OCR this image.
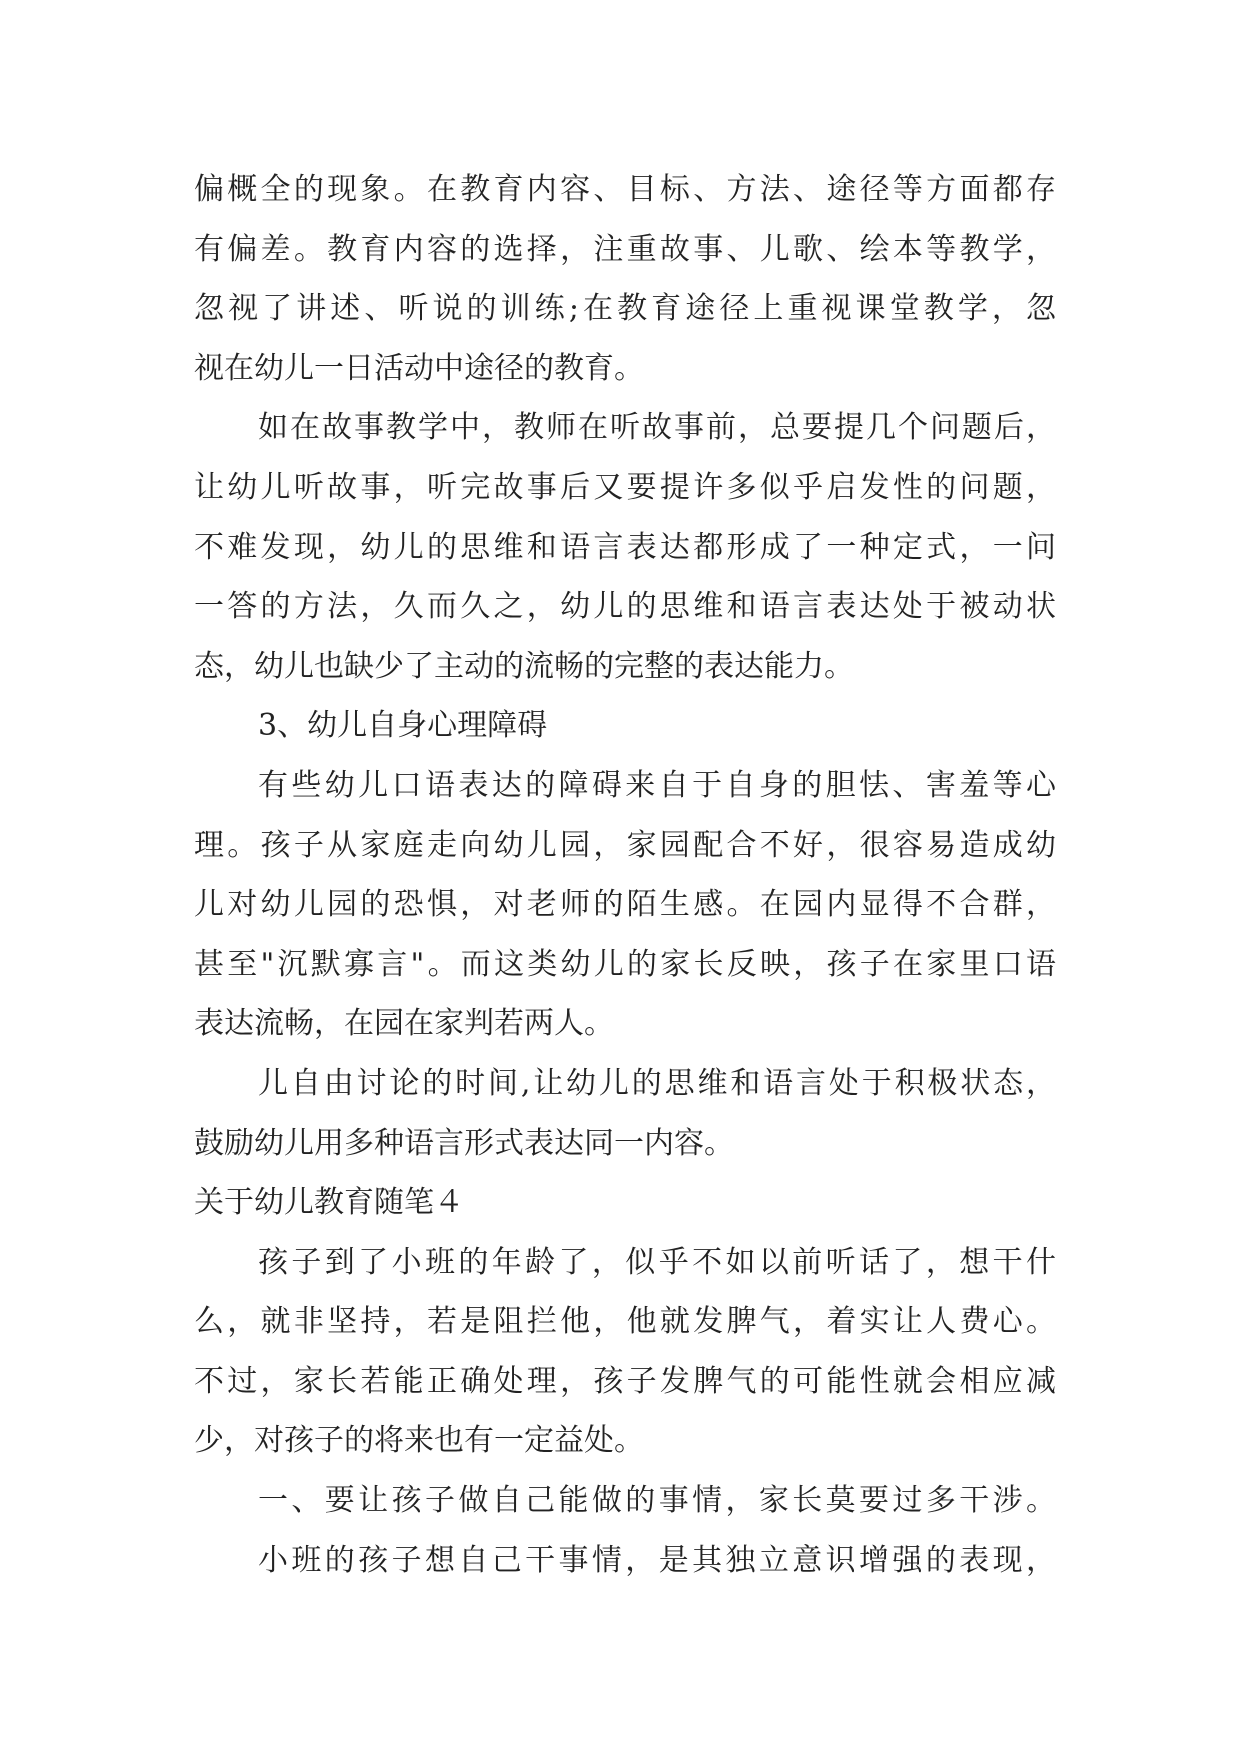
偏概全的现象。在教育内容、目标、方法、途径等方面都存
有偏差。教育内容的选择，注重故事、儿歌、绘本等教学，
忽视了讲述、听说的训练;在教育途径上重视课堂教学，忽
视在幼儿一日活动中途径的教育。
如在故事教学中，教师在听故事前，总要提几个问题后，
让幼儿听故事，听完故事后又要提许多似乎启发性的问题，
不难发现，幼儿的思维和语言表达都形成了一种定式，一问
一答的方法，久而久之，幼儿的思维和语言表达处于被动状
态，幼儿也缺少了主动的流畅的完整的表达能力。
3、幼儿自身心理障碍
有些幼儿口语表达的障碍来自于自身的胆怯、害羞等心
理。孩子从家庭走向幼儿园，家园配合不好，很容易造成幼
儿对幼儿园的恐惧，对老师的陌生感。在园内显得不合群，
甚至"沉默寡言"。而这类幼儿的家长反映，孩子在家里口语
表达流畅，在园在家判若两人。
儿自由讨论的时间,让幼儿的思维和语言处于积极状态，
鼓励幼儿用多种语言形式表达同一内容。
关于幼儿教育随笔４
孩子到了小班的年龄了，似乎不如以前听话了，想干什
么，就非坚持，若是阻拦他，他就发脾气，着实让人费心。
不过，家长若能正确处理，孩子发脾气的可能性就会相应减
少，对孩子的将来也有一定益处。
一、要让孩子做自己能做的事情，家长莫要过多干涉。
小班的孩子想自己干事情，是其独立意识增强的表现，
